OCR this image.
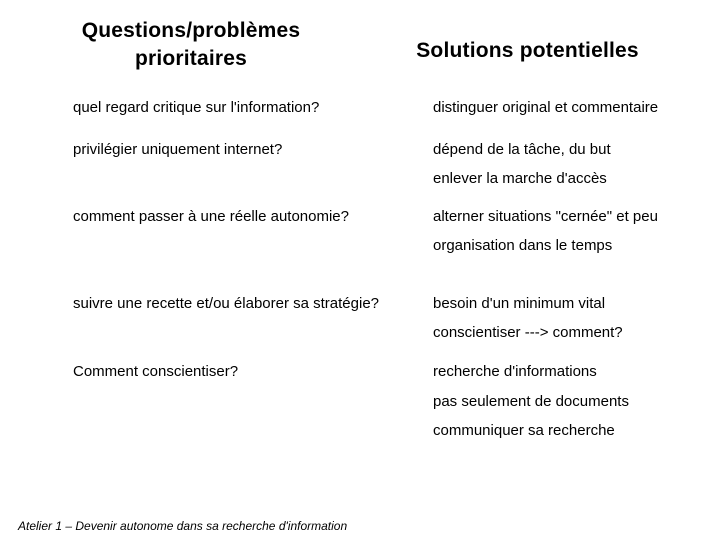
Questions/problèmes
prioritaires	Solutions potentielles
quel regard critique sur l'information?	distinguer original et commentaire
privilégier uniquement internet?	dépend de la tâche, du but
enlever la marche d'accès
comment passer à une réelle autonomie?	alterner situations "cernée" et peu
organisation dans le temps
suivre une recette et/ou élaborer sa stratégie?	besoin d'un minimum vital
conscientiser ---> comment?
Comment conscientiser?	recherche d'informations
pas seulement de documents
communiquer sa recherche
Atelier 1 – Devenir autonome dans sa recherche d'information
